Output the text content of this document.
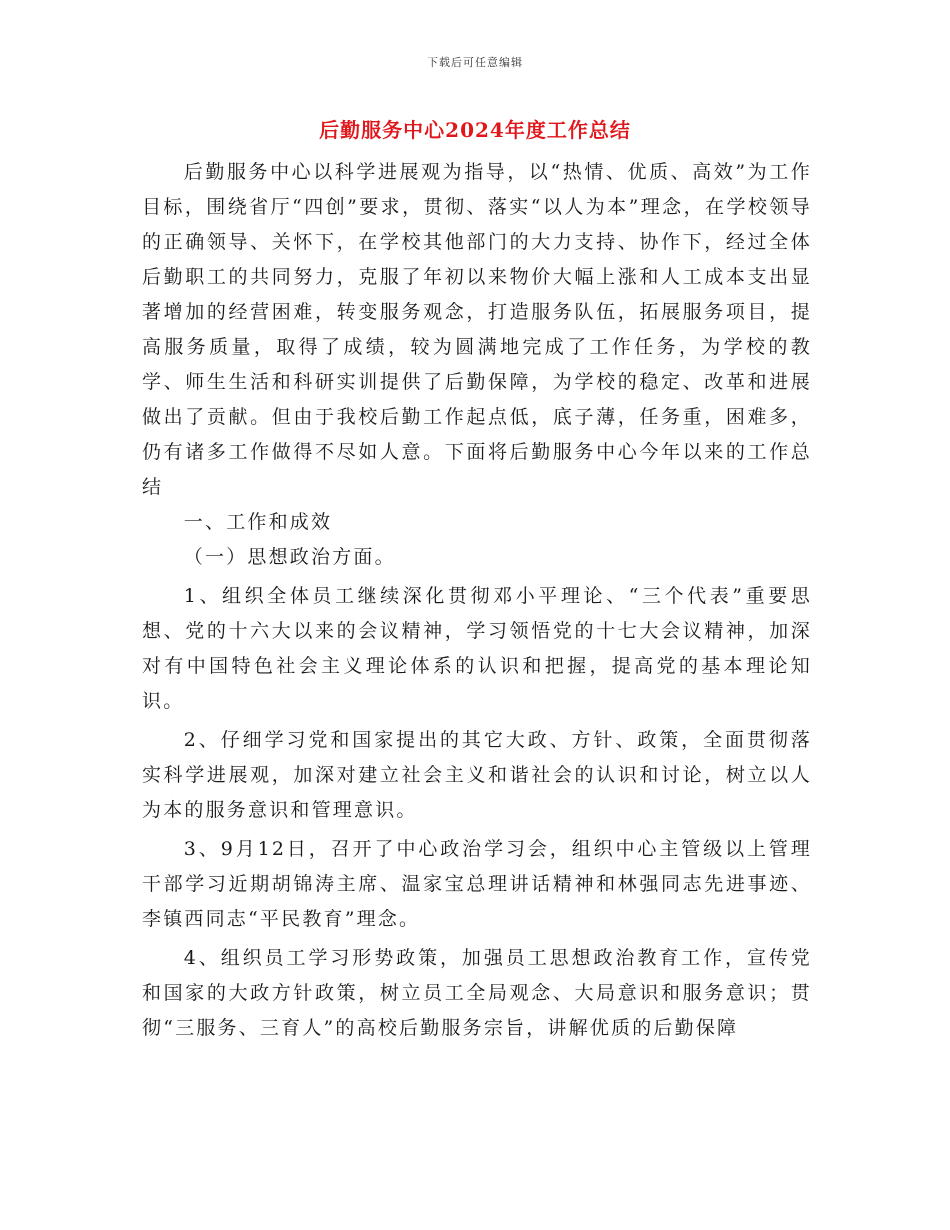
下载后可任意编辑
后勤服务中心2024年度工作总结

后勤服务中心以科学进展观为指导，以“热情、优质、高效”为工作目标，围绕省厅“四创”要求，贯彻、落实“以人为本”理念，在学校领导的正确领导、关怀下，在学校其他部门的大力支持、协作下，经过全体后勤职工的共同努力，克服了年初以来物价大幅上涨和人工成本支出显著增加的经营困难，转变服务观念，打造服务队伍，拓展服务项目，提高服务质量，取得了成绩，较为圆满地完成了工作任务，为学校的教学、师生生活和科研实训提供了后勤保障，为学校的稳定、改革和进展做出了贡献。但由于我校后勤工作起点低，底子薄，任务重，困难多，仍有诸多工作做得不尽如人意。下面将后勤服务中心今年以来的工作总结

一、工作和成效

（一）思想政治方面。

1、组织全体员工继续深化贯彻邓小平理论、“三个代表”重要思想、党的十六大以来的会议精神，学习领悟党的十七大会议精神，加深对有中国特色社会主义理论体系的认识和把握，提高党的基本理论知识。

2、仔细学习党和国家提出的其它大政、方针、政策，全面贯彻落实科学进展观，加深对建立社会主义和谐社会的认识和讨论，树立以人为本的服务意识和管理意识。

3、9月12日，召开了中心政治学习会，组织中心主管级以上管理干部学习近期胡锦涛主席、温家宝总理讲话精神和林强同志先进事迹、李镇西同志“平民教育”理念。

4、组织员工学习形势政策，加强员工思想政治教育工作，宣传党和国家的大政方针政策，树立员工全局观念、大局意识和服务意识；贯彻“三服务、三育人”的高校后勤服务宗旨，讲解优质的后勤保障
